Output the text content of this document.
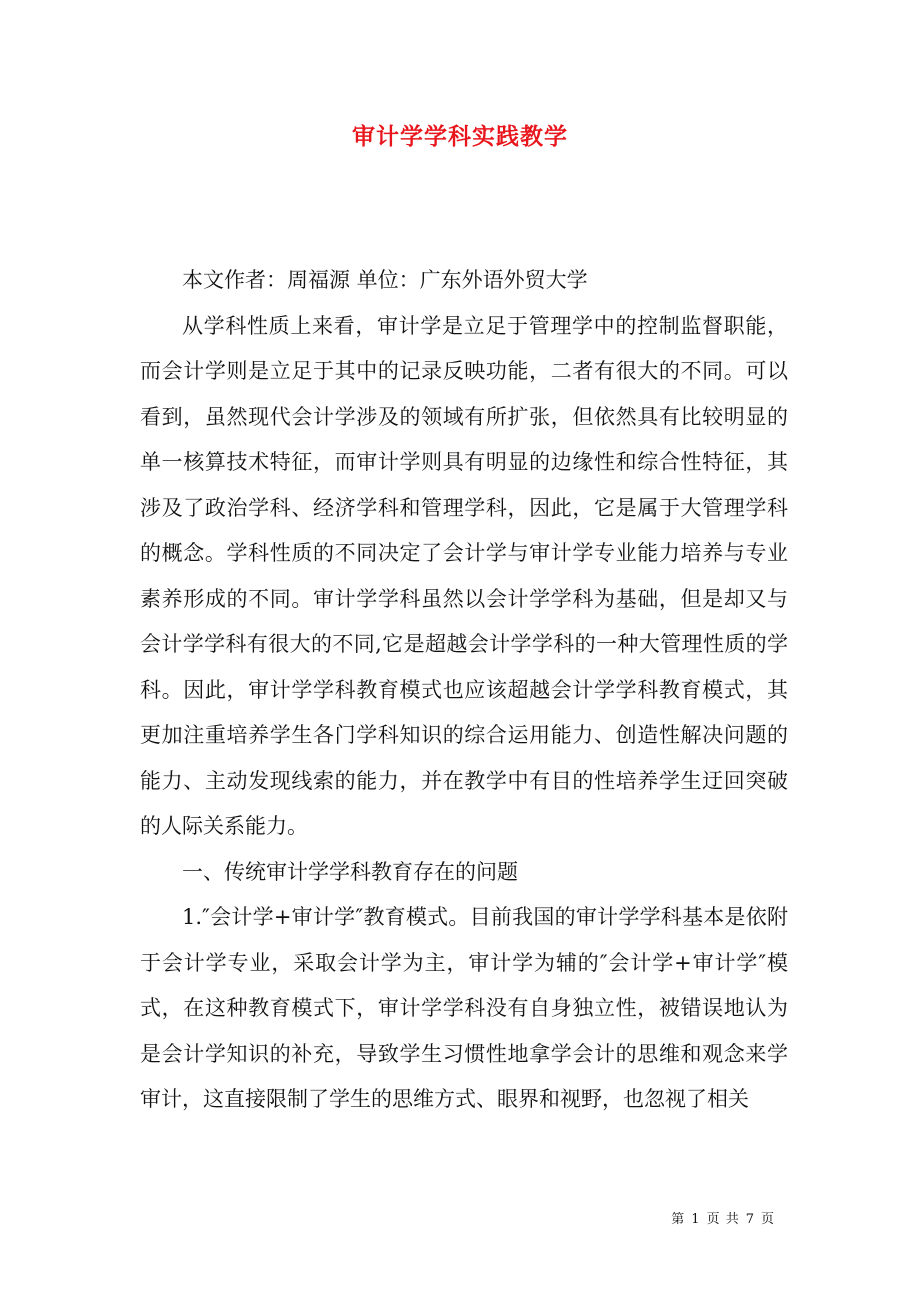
审计学学科实践教学

本文作者：周福源 单位：广东外语外贸大学

从学科性质上来看，审计学是立足于管理学中的控制监督职能，而会计学则是立足于其中的记录反映功能，二者有很大的不同。可以看到，虽然现代会计学涉及的领域有所扩张，但依然具有比较明显的单一核算技术特征，而审计学则具有明显的边缘性和综合性特征，其涉及了政治学科、经济学科和管理学科，因此，它是属于大管理学科的概念。学科性质的不同决定了会计学与审计学专业能力培养与专业素养形成的不同。审计学学科虽然以会计学学科为基础，但是却又与会计学学科有很大的不同,它是超越会计学学科的一种大管理性质的学科。因此，审计学学科教育模式也应该超越会计学学科教育模式，其更加注重培养学生各门学科知识的综合运用能力、创造性解决问题的能力、主动发现线索的能力，并在教学中有目的性培养学生迂回突破的人际关系能力。

一、传统审计学学科教育存在的问题

1.″会计学+审计学″教育模式。目前我国的审计学学科基本是依附于会计学专业，采取会计学为主，审计学为辅的″会计学+审计学″模式，在这种教育模式下，审计学学科没有自身独立性，被错误地认为是会计学知识的补充，导致学生习惯性地拿学会计的思维和观念来学审计，这直接限制了学生的思维方式、眼界和视野，也忽视了相关

第 1 页 共 7 页
